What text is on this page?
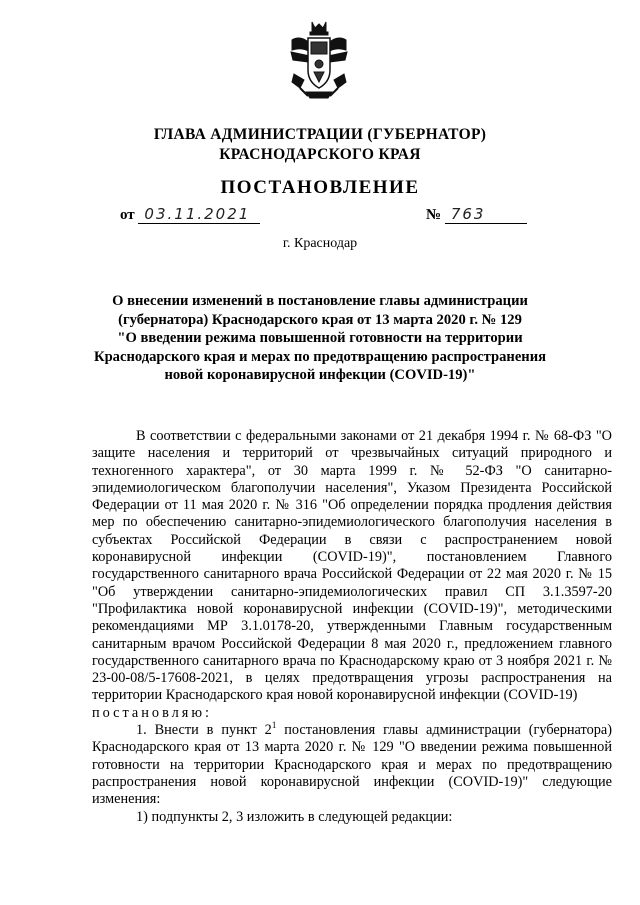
ГЛАВА АДМИНИСТРАЦИИ (ГУБЕРНАТОР)
КРАСНОДАРСКОГО КРАЯ
ПОСТАНОВЛЕНИЕ
от 03.11.2021	№ 763
г. Краснодар
О внесении изменений в постановление главы администрации
(губернатора) Краснодарского края от 13 марта 2020 г. № 129
"О введении режима повышенной готовности на территории
Краснодарского края и мерах по предотвращению распространения
новой коронавирусной инфекции (COVID-19)"

В соответствии с федеральными законами от 21 декабря 1994 г. № 68-ФЗ "О защите населения и территорий от чрезвычайных ситуаций природного и техногенного характера", от 30 марта 1999 г. № 52-ФЗ "О санитарно-эпидемиологическом благополучии населения", Указом Президента Российской Федерации от 11 мая 2020 г. № 316 "Об определении порядка продления действия мер по обеспечению санитарно-эпидемиологического благополучия населения в субъектах Российской Федерации в связи с распространением новой коронавирусной инфекции (COVID-19)", постановлением Главного государственного санитарного врача Российской Федерации от 22 мая 2020 г. № 15 "Об утверждении санитарно-эпидемиологических правил СП 3.1.3597-20 "Профилактика новой коронавирусной инфекции (COVID-19)", методическими рекомендациями МР 3.1.0178-20, утвержденными Главным государственным санитарным врачом Российской Федерации 8 мая 2020 г., предложением главного государственного санитарного врача по Краснодарскому краю от 3 ноября 2021 г. № 23-00-08/5-17608-2021, в целях предотвращения угрозы распространения на территории Краснодарского края новой коронавирусной инфекции (COVID-19)

постановляю:

1. Внести в пункт $2^1$ постановления главы администрации (губернатора) Краснодарского края от 13 марта 2020 г. № 129 "О введении режима повышенной готовности на территории Краснодарского края и мерах по предотвращению распространения новой коронавирусной инфекции (COVID-19)" следующие изменения:

1) подпункты 2, 3 изложить в следующей редакции:
